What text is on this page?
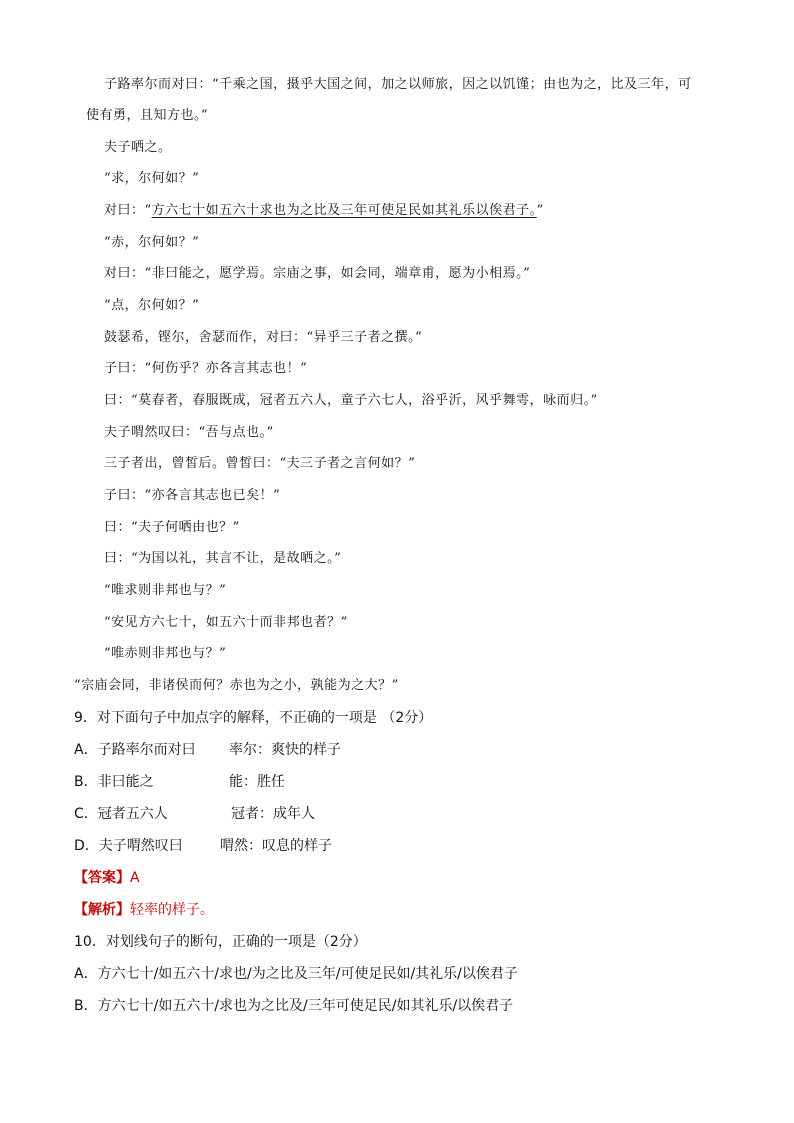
子路率尔而对曰：“千乘之国，摄乎大国之间，加之以师旅，因之以饥馑；由也为之，比及三年，可
使有勇，且知方也。”
夫子哂之。
“求，尔何如？”
对曰：“方六七十如五六十求也为之比及三年可使足民如其礼乐以俟君子。”
“赤，尔何如？”
对曰：“非曰能之，愿学焉。宗庙之事，如会同，端章甫，愿为小相焉。”
“点，尔何如？”
鼓瑟希，铿尔，舍瑟而作，对曰：“异乎三子者之撰。”
子曰：“何伤乎？亦各言其志也！”
曰：“莫春者，春服既成，冠者五六人，童子六七人，浴乎沂，风乎舞雩，咏而归。”
夫子喟然叹曰：“吾与点也。”
三子者出，曾皙后。曾皙曰：“夫三子者之言何如？”
子曰：“亦各言其志也已矣！”
曰：“夫子何哂由也？”
曰：“为国以礼，其言不让，是故哂之。”
“唯求则非邦也与？”
“安见方六七十，如五六十而非邦也者？”
“唯赤则非邦也与？”
“宗庙会同，非诸侯而何？赤也为之小，孰能为之大？”
9．对下面句子中加点字的解释，不正确的一项是 （2分）
A．子路率尔而对曰 率尔：爽快的样子
B．非曰能之	能：胜任
C．冠者五六人	冠者：成年人
D．夫子喟然叹曰	喟然：叹息的样子
【答案】A
【解析】轻率的样子。
10．对划线句子的断句，正确的一项是（2分）
A．方六七十/如五六十/求也/为之比及三年/可使足民如/其礼乐/以俟君子
B．方六七十/如五六十/求也为之比及/三年可使足民/如其礼乐/以俟君子
